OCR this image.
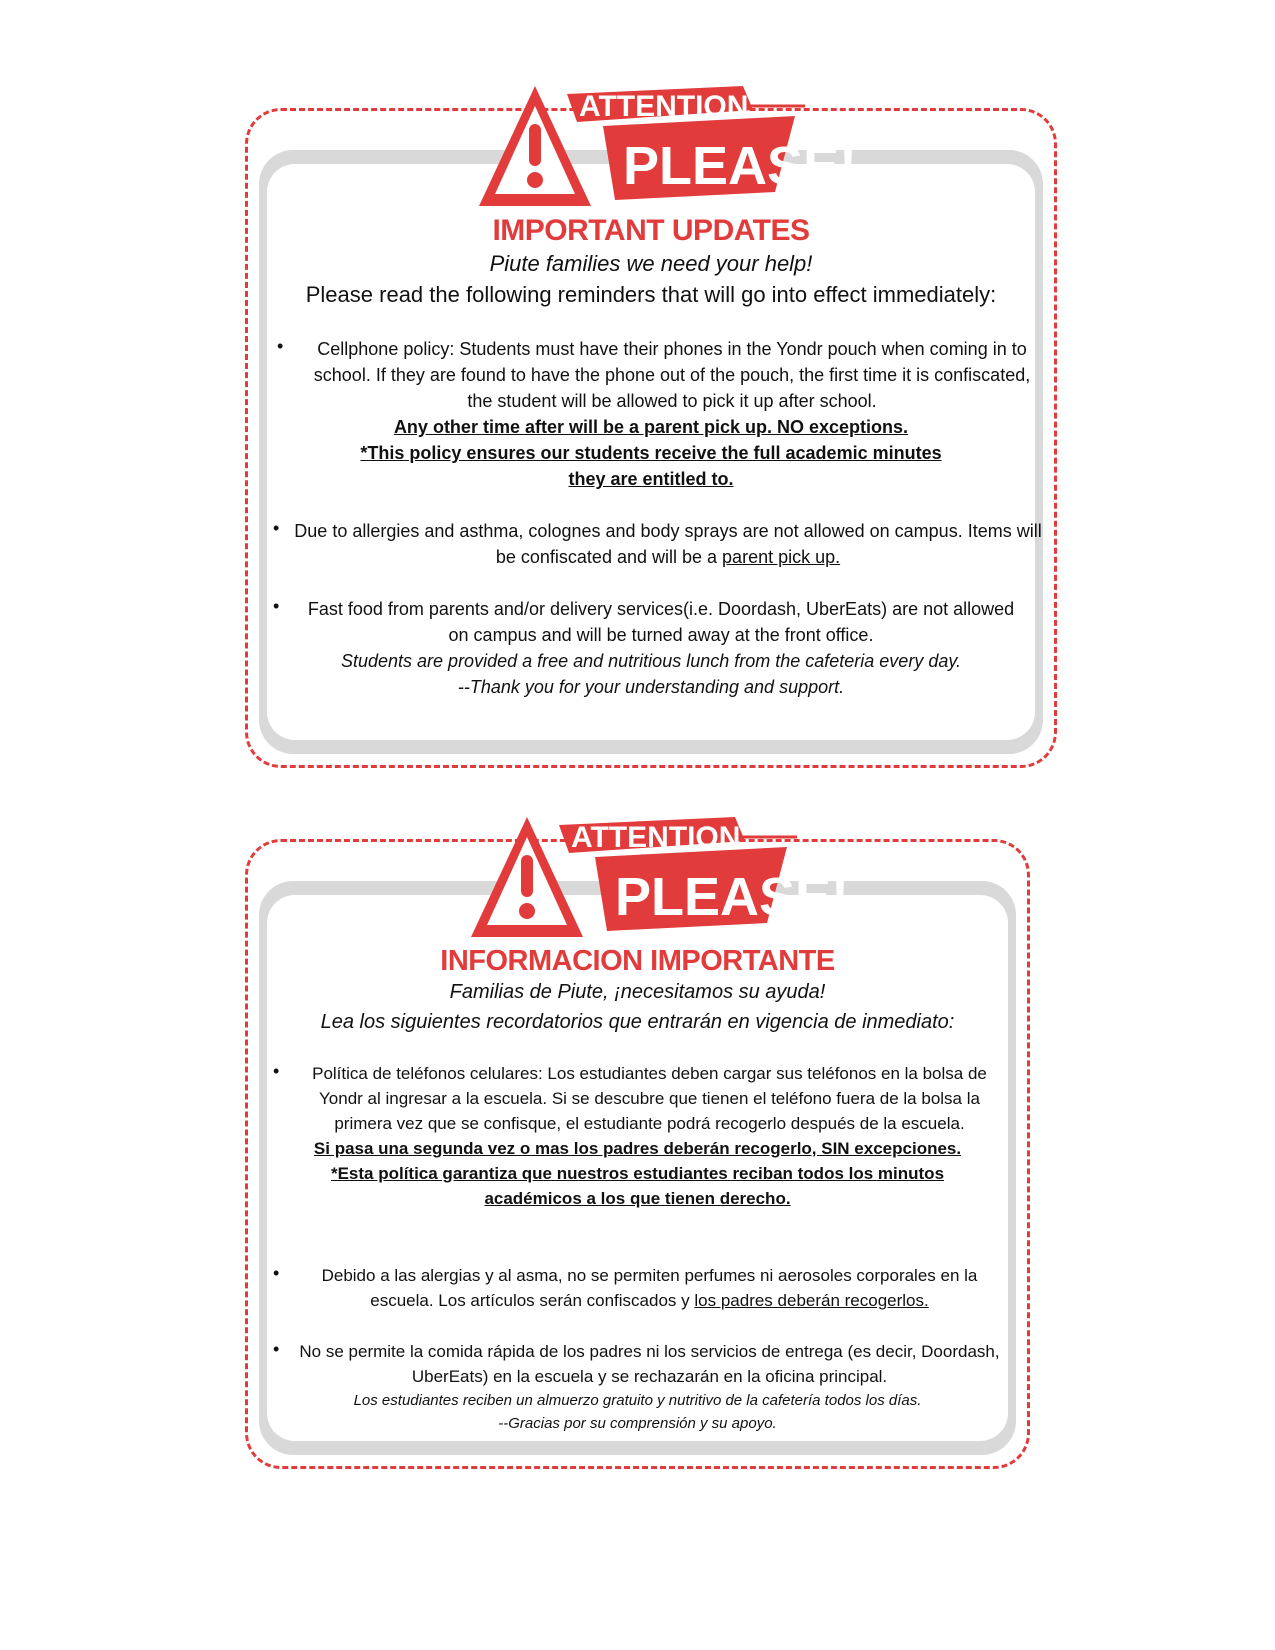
ATTENTION
PLEASE!
IMPORTANT UPDATES
Piute families we need your help!
Please read the following reminders that will go into effect immediately:
•	Cellphone policy: Students must have their phones in the Yondr pouch when coming in to school. If they are found to have the phone out of the pouch, the first time it is confiscated, the student will be allowed to pick it up after school.

Any other time after will be a parent pick up. NO exceptions.

*This policy ensures our students receive the full academic minutes they are entitled to.

• Due to allergies and asthma, colognes and body sprays are not allowed on campus. Items will be confiscated and will be a parent pick up.

• Fast food from parents and/or delivery services(i.e. Doordash, UberEats) are not allowed on campus and will be turned away at the front office.

Students are provided a free and nutritious lunch from the cafeteria every day.

--Thank you for your understanding and support.

ATTENTION
PLEASE!
INFORMACION IMPORTANTE
Familias de Piute, ¡necesitamos su ayuda!
Lea los siguientes recordatorios que entrarán en vigencia de inmediato:
•	Política de teléfonos celulares: Los estudiantes deben cargar sus teléfonos en la bolsa de Yondr al ingresar a la escuela. Si se descubre que tienen el teléfono fuera de la bolsa la primera vez que se confisque, el estudiante podrá recogerlo después de la escuela.

Si pasa una segunda vez o mas los padres deberán recogerlo, SIN excepciones.

*Esta política garantiza que nuestros estudiantes reciban todos los minutos académicos a los que tienen derecho.

•	Debido a las alergias y al asma, no se permiten perfumes ni aerosoles corporales en la escuela. Los artículos serán confiscados y los padres deberán recogerlos.

• No se permite la comida rápida de los padres ni los servicios de entrega (es decir, Doordash, UberEats) en la escuela y se rechazarán en la oficina principal.

Los estudiantes reciben un almuerzo gratuito y nutritivo de la cafetería todos los días.

--Gracias por su comprensión y su apoyo.
